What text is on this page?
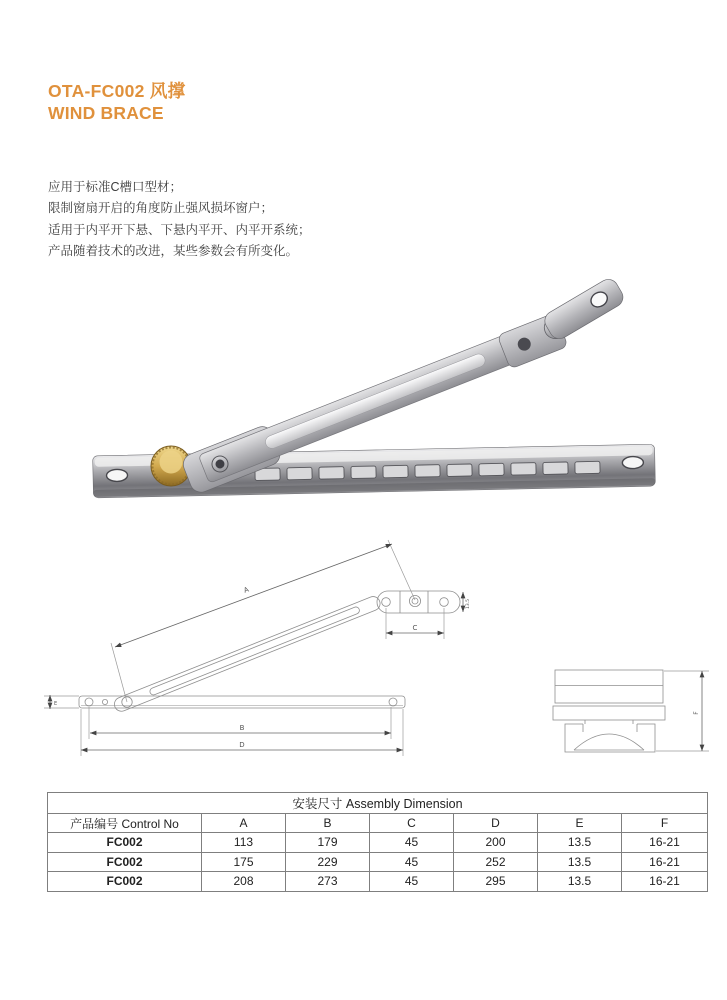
OTA-FC002 风撑
WIND BRACE
应用于标准C槽口型材；
限制窗扇开启的角度防止强风损坏窗户；
适用于内平开下悬、下悬内平开、内平开系统；
产品随着技术的改进，某些参数会有所变化。
A
C
B
D
E
F
13.5
安装尺寸 Assembly Dimension						
产品编号 Control No	A	B	C	D	E	F
FC002	113	179	45	200	13.5	16-21
FC002	175	229	45	252	13.5	16-21
FC002	208	273	45	295	13.5	16-21
